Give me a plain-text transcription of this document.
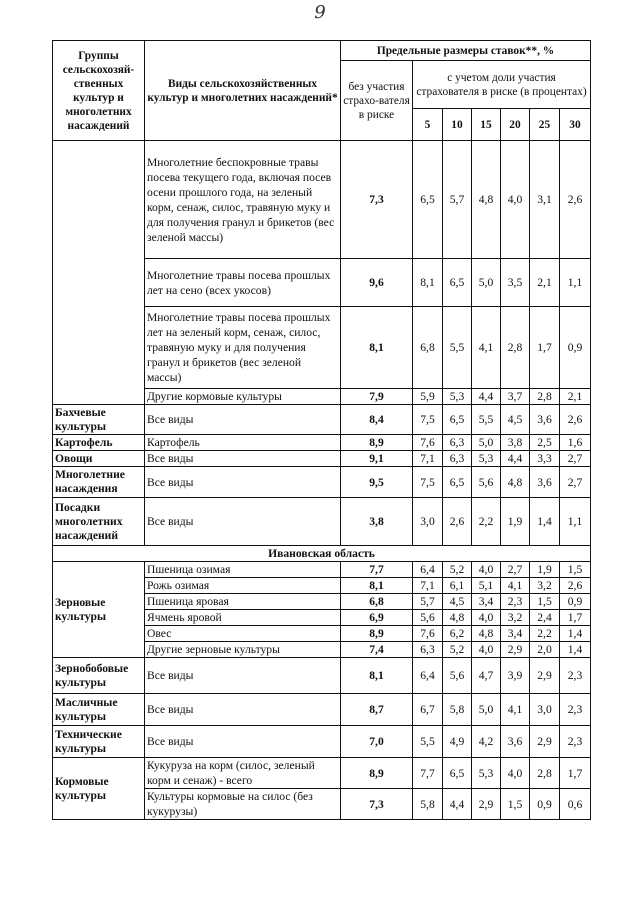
9
Группы сельскохозяй-ственных культур и многолетних насаждений	Виды сельскохозяйственных культур и многолетних насаждений*	Предельные размеры ставок**, %						
		без участия страхо-вателя в риске	с учетом доли участия страхователя в риске (в процентах)					
			5	10	15	20	25	30
	Многолетние беспокровные травы посева текущего года, включая посев осени прошлого года, на зеленый корм, сенаж, силос, травяную муку и для получения гранул и брикетов (вес зеленой массы)	7,3	6,5	5,7	4,8	4,0	3,1	2,6
	Многолетние травы посева прошлых лет на сено (всех укосов)	9,6	8,1	6,5	5,0	3,5	2,1	1,1
	Многолетние травы посева прошлых лет на зеленый корм, сенаж, силос, травяную муку и для получения гранул и брикетов (вес зеленой массы)	8,1	6,8	5,5	4,1	2,8	1,7	0,9
	Другие кормовые культуры	7,9	5,9	5,3	4,4	3,7	2,8	2,1
Бахчевые культуры	Все виды	8,4	7,5	6,5	5,5	4,5	3,6	2,6
Картофель	Картофель	8,9	7,6	6,3	5,0	3,8	2,5	1,6
Овощи	Все виды	9,1	7,1	6,3	5,3	4,4	3,3	2,7
Многолетние насаждения	Все виды	9,5	7,5	6,5	5,6	4,8	3,6	2,7
Посадки многолетних насаждений	Все виды	3,8	3,0	2,6	2,2	1,9	1,4	1,1
Ивановская область								
Зерновые культуры	Пшеница озимая	7,7	6,4	5,2	4,0	2,7	1,9	1,5
	Рожь озимая	8,1	7,1	6,1	5,1	4,1	3,2	2,6
	Пшеница яровая	6,8	5,7	4,5	3,4	2,3	1,5	0,9
	Ячмень яровой	6,9	5,6	4,8	4,0	3,2	2,4	1,7
	Овес	8,9	7,6	6,2	4,8	3,4	2,2	1,4
	Другие зерновые культуры	7,4	6,3	5,2	4,0	2,9	2,0	1,4
Зернобобовые культуры	Все виды	8,1	6,4	5,6	4,7	3,9	2,9	2,3
Масличные культуры	Все виды	8,7	6,7	5,8	5,0	4,1	3,0	2,3
Технические культуры	Все виды	7,0	5,5	4,9	4,2	3,6	2,9	2,3
Кормовые культуры	Кукуруза на корм (силос, зеленый корм и сенаж) - всего	8,9	7,7	6,5	5,3	4,0	2,8	1,7
	Культуры кормовые на силос (без кукурузы)	7,3	5,8	4,4	2,9	1,5	0,9	0,6
